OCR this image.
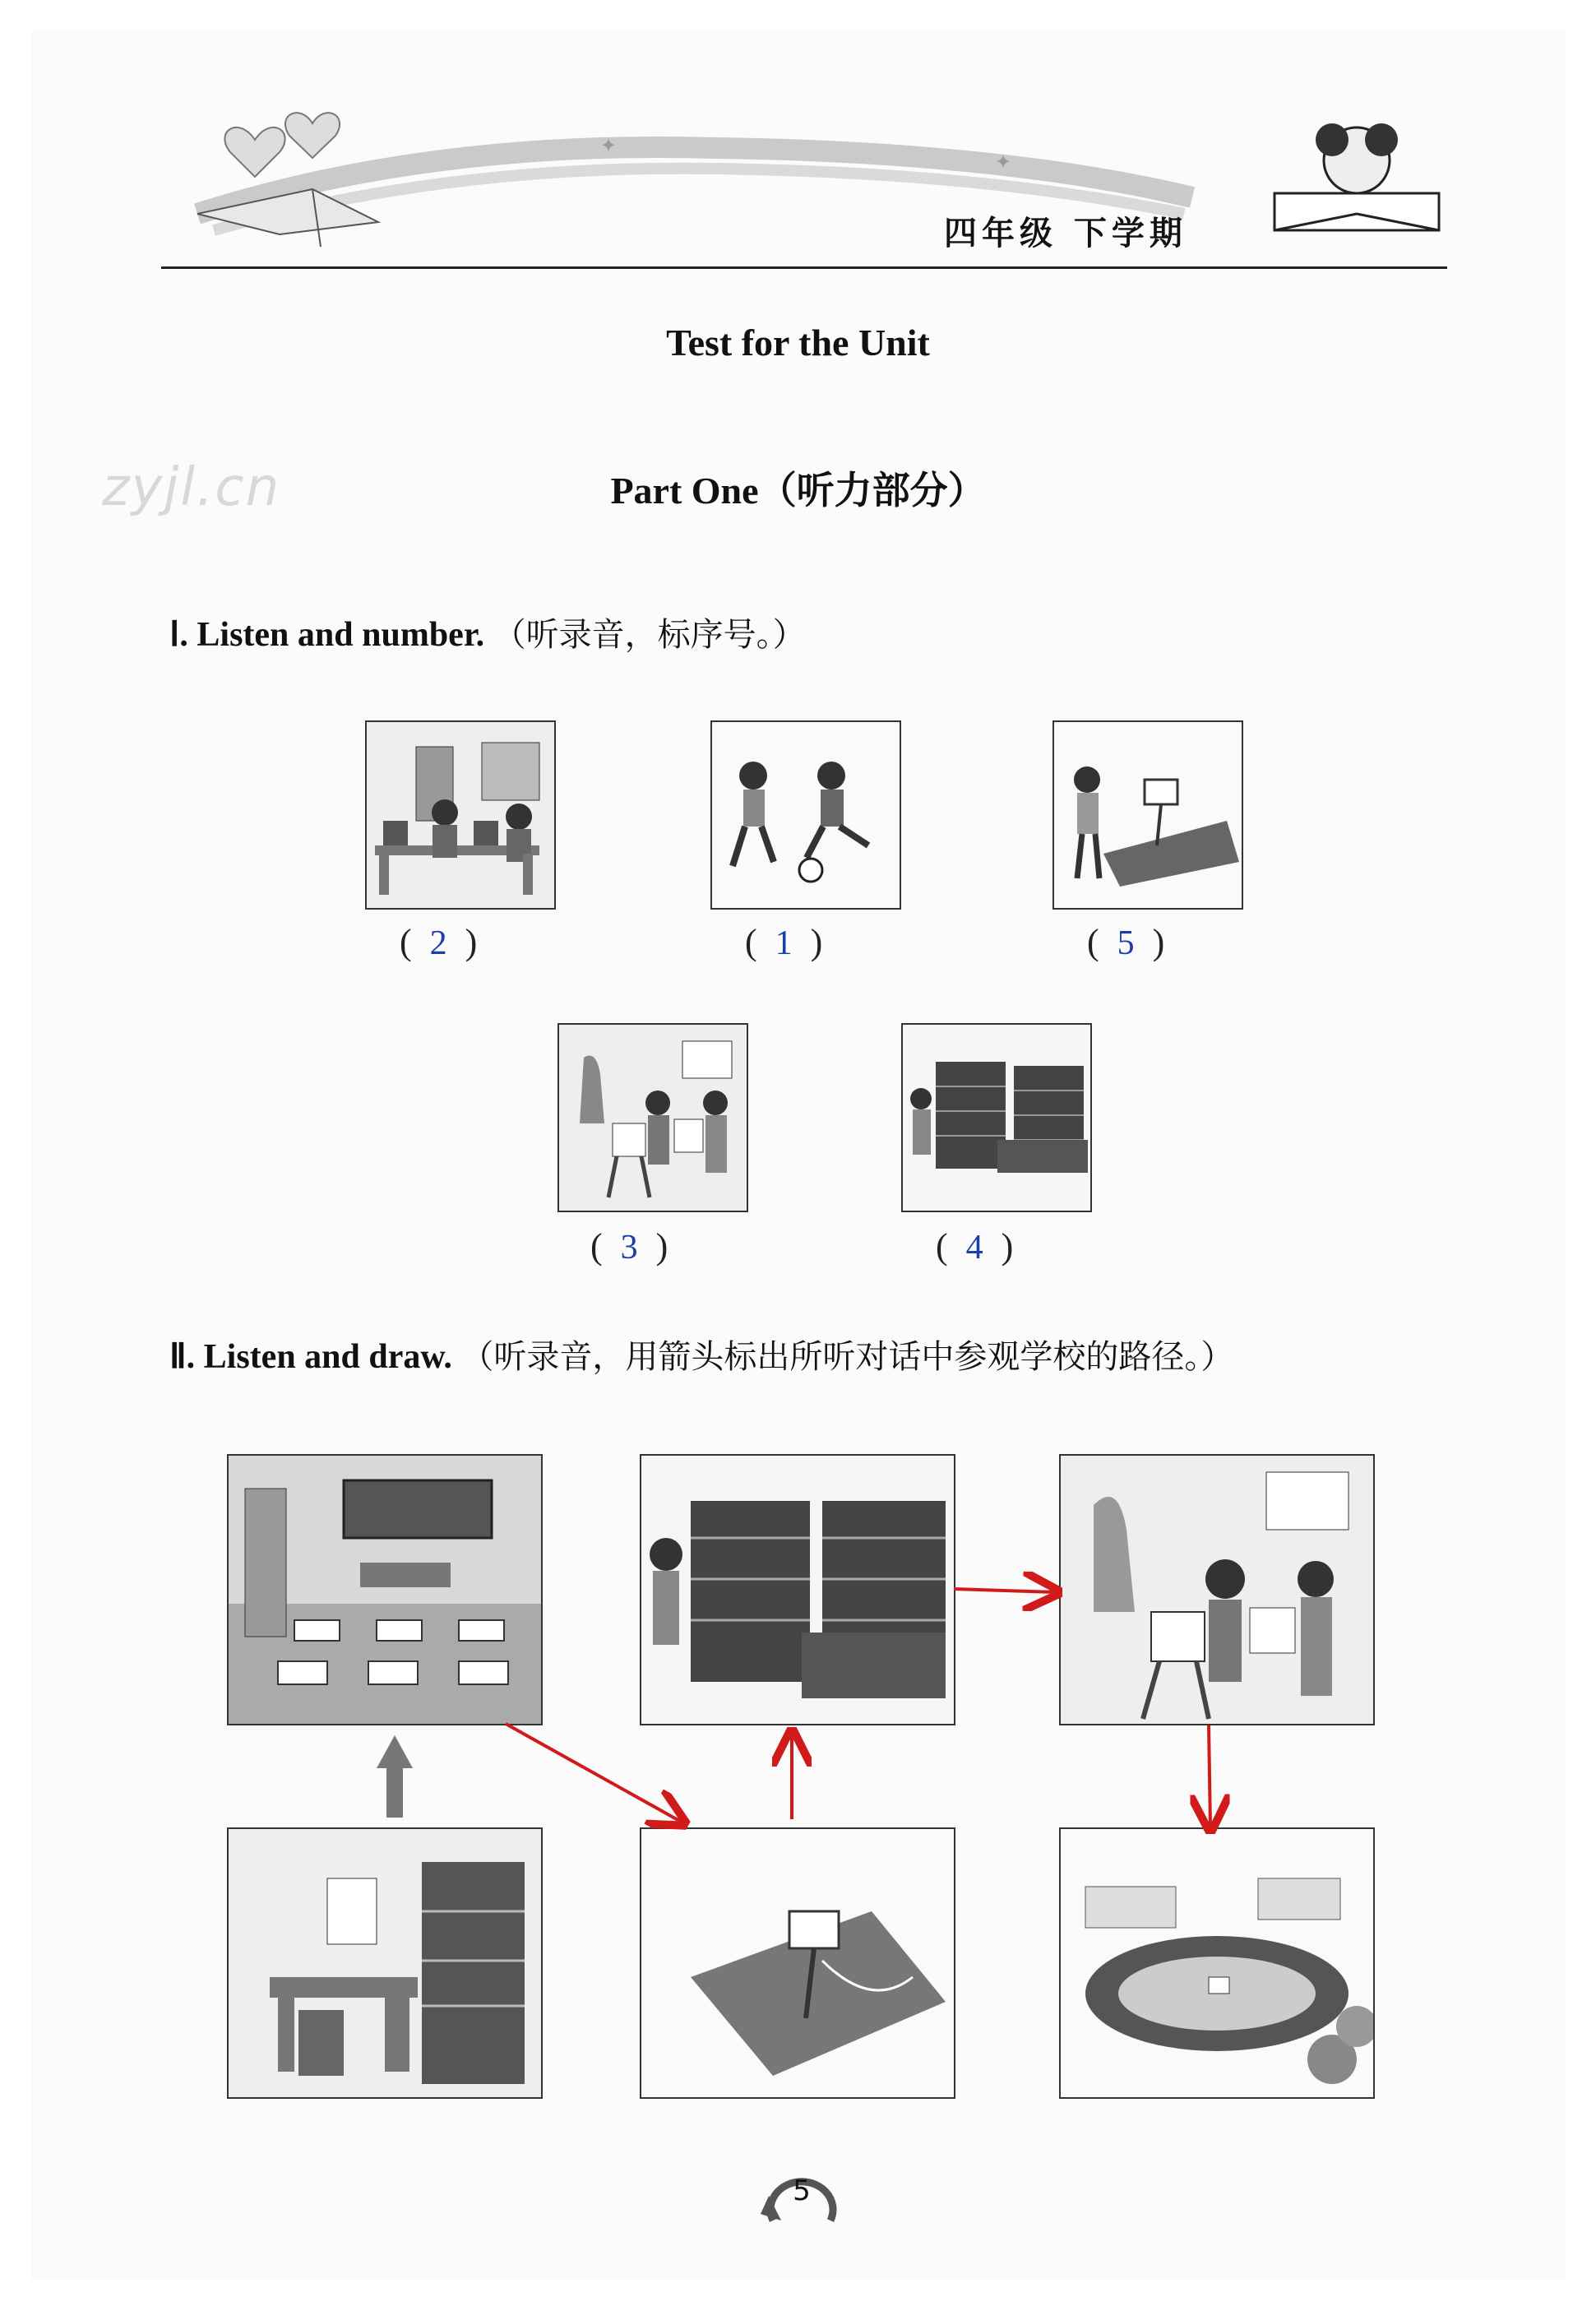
✦
✦
四年级 下学期
zyjl.cn
Test for the Unit
Part One（听力部分）
Ⅰ. Listen and number. （听录音，标序号。）
(  2  )	(  1  )	(  5  )
(  3  )	(  4  )
Ⅱ. Listen and draw. （听录音，用箭头标出所听对话中参观学校的路径。）
5
